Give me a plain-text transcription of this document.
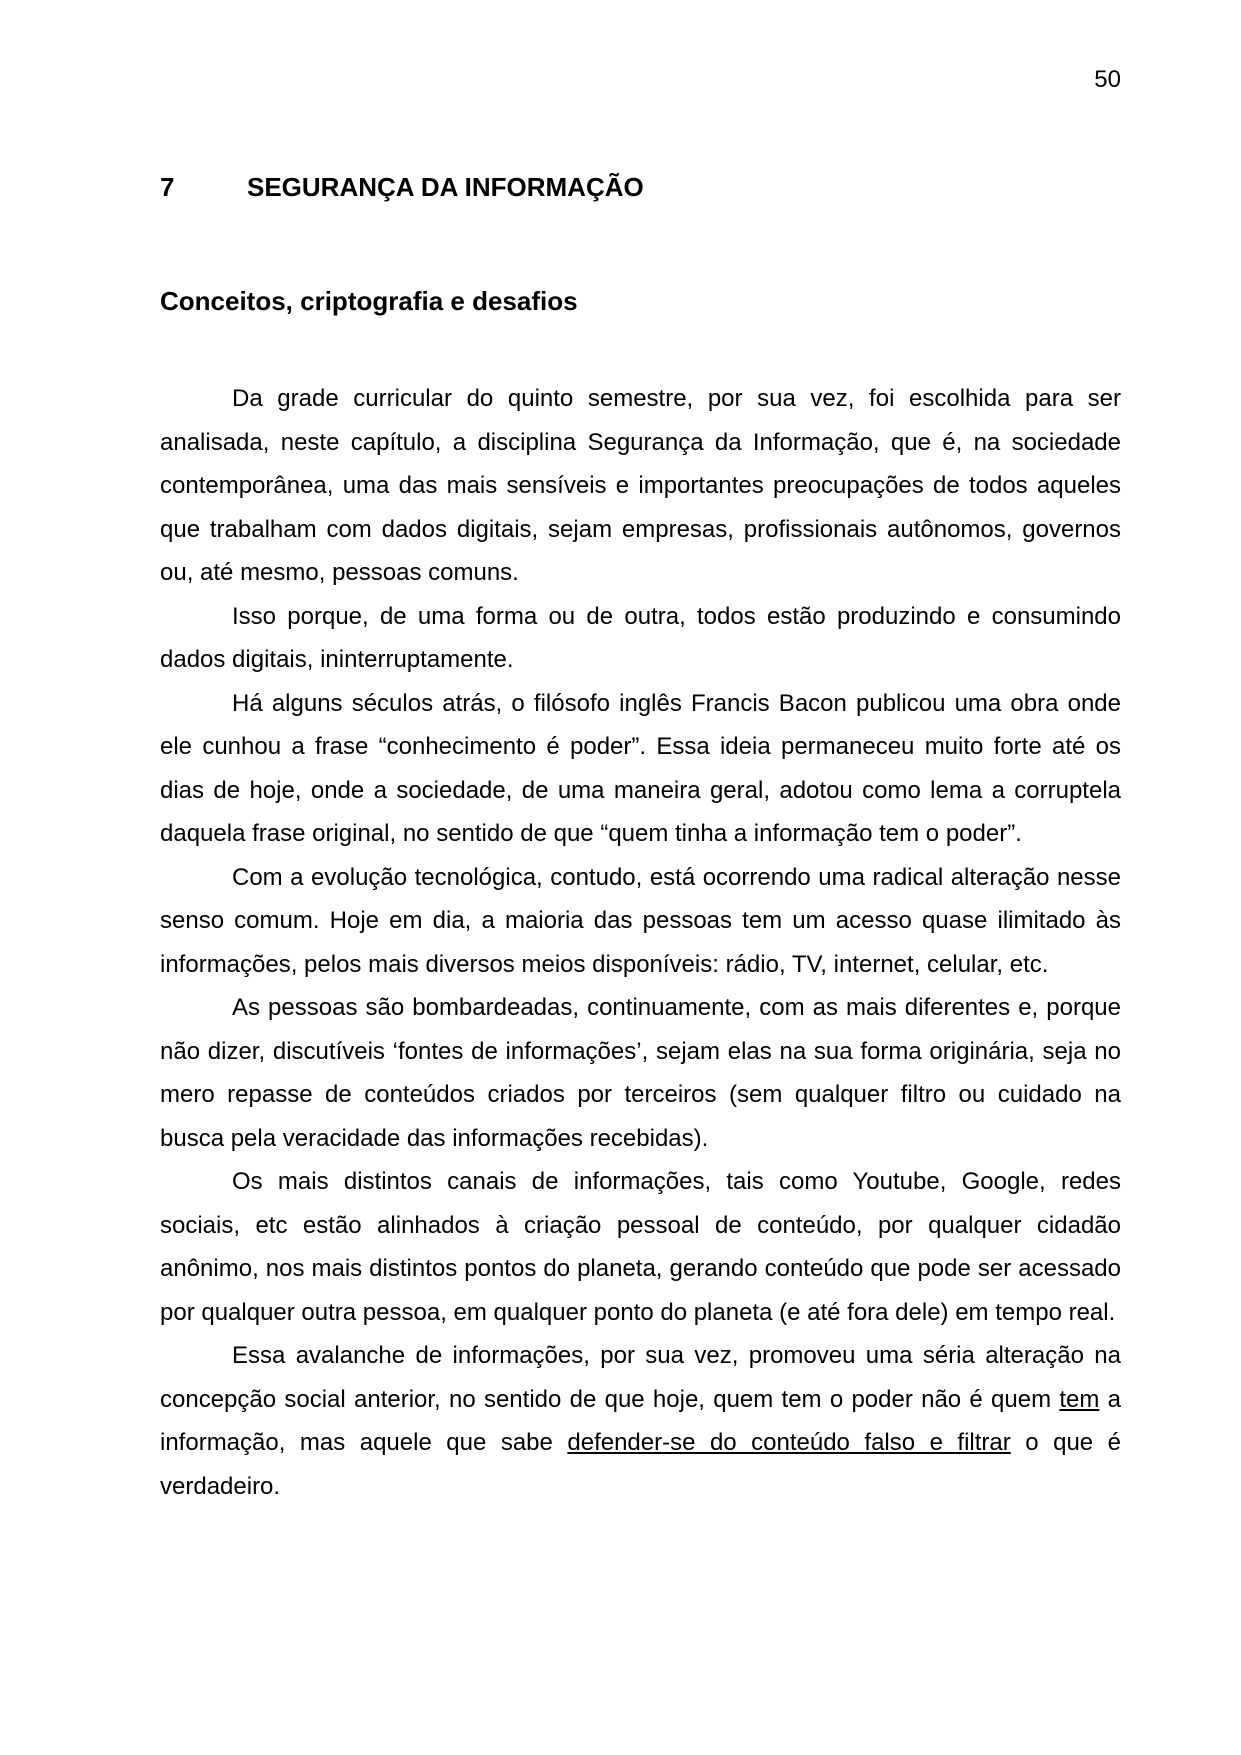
50
7	SEGURANÇA DA INFORMAÇÃO
Conceitos, criptografia e desafios

Da grade curricular do quinto semestre, por sua vez, foi escolhida para ser analisada, neste capítulo, a disciplina Segurança da Informação, que é, na sociedade contemporânea, uma das mais sensíveis e importantes preocupações de todos aqueles que trabalham com dados digitais, sejam empresas, profissionais autônomos, governos ou, até mesmo, pessoas comuns.

Isso porque, de uma forma ou de outra, todos estão produzindo e consumindo dados digitais, ininterruptamente.

Há alguns séculos atrás, o filósofo inglês Francis Bacon publicou uma obra onde ele cunhou a frase “conhecimento é poder”. Essa ideia permaneceu muito forte até os dias de hoje, onde a sociedade, de uma maneira geral, adotou como lema a corruptela daquela frase original, no sentido de que “quem tinha a informação tem o poder”.

Com a evolução tecnológica, contudo, está ocorrendo uma radical alteração nesse senso comum. Hoje em dia, a maioria das pessoas tem um acesso quase ilimitado às informações, pelos mais diversos meios disponíveis: rádio, TV, internet, celular, etc.

As pessoas são bombardeadas, continuamente, com as mais diferentes e, porque não dizer, discutíveis ‘fontes de informações’, sejam elas na sua forma originária, seja no mero repasse de conteúdos criados por terceiros (sem qualquer filtro ou cuidado na busca pela veracidade das informações recebidas).

Os mais distintos canais de informações, tais como Youtube, Google, redes sociais, etc estão alinhados à criação pessoal de conteúdo, por qualquer cidadão anônimo, nos mais distintos pontos do planeta, gerando conteúdo que pode ser acessado por qualquer outra pessoa, em qualquer ponto do planeta (e até fora dele) em tempo real.

Essa avalanche de informações, por sua vez, promoveu uma séria alteração na concepção social anterior, no sentido de que hoje, quem tem o poder não é quem tem a informação, mas aquele que sabe defender-se do conteúdo falso e filtrar o que é verdadeiro.
